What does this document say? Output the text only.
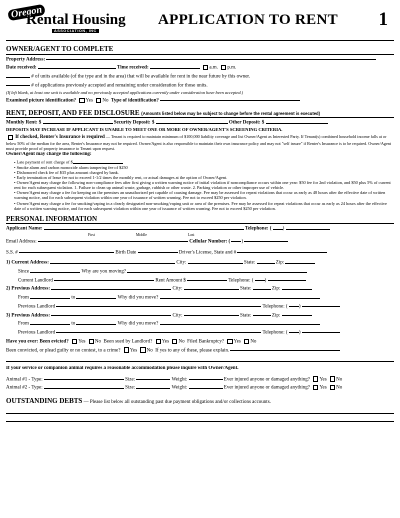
Oregon
Rental Housing
ASSOCIATION, INC
APPLICATION TO RENT 1
OWNER/AGENT TO COMPLETE
Property Address:
Date received:	Time received:	a.m. p.m.
# of units available (of the type and in the area) that will be available for rent in the near future by this owner.
# of applications previously accepted and remaining under consideration for those units.
(If left blank, at least one unit is available and no previously accepted applications currently under consideration have been accepted.)
Examined picture identification? Yes No Type of identification?
RENT, DEPOSIT, AND FEE DISCLOSURE (Amounts listed below may be subject to change before the rental agreement is executed)
Monthly Rent: $	Security Deposit: $	Other Deposit: $
DEPOSITS MAY INCREASE IF APPLICANT IS UNABLE TO MEET ONE OR MORE OF OWNER/AGENT'S SCREENING CRITERIA.
If checked, Renter's Insurance is required — Tenant is required to maintain minimum of $100,000 liability coverage and list Owner/Agent as Interested Party. If Tenant(s) combined household income falls at or below 50% of the median for the area, Renter's Insurance may not be required. Owner/Agent is also responsible to maintain their own insurance policy and may not "self insure" if Renter's Insurance is to be required. Owner/Agent must provide proof of property insurance to Tenant upon request.
Owner/Agent may charge the following:
• Late payment of rent charge of $
• Smoke alarm and carbon monoxide alarm tampering fee of $250
• Dishonored check fee of $35 plus amount charged by bank.
• Early termination of lease fee not to exceed 1-1/2 times the monthly rent, or actual damages at the option of Owner/Agent.
• Owner/Agent may charge the following non-compliance fees after first giving a written warning notice of initial violation if noncompliance occurs within one year: $50 fee for 2nd violation, and $50 plus 5% of current rent for each subsequent violation. 1. Failure to clean up animal waste, garbage, rubbish or other waste. 2. Parking violation or other improper use of vehicle.
• Owner/Agent may charge a fee for keeping on the premises an unauthorized pet capable of causing damage. Fee may be assessed for repeat violations that occur as early as 48 hours after the effective date of written warning notice, and for each subsequent violation within one year of issuance of written warning. Fee not to exceed $250 per violation.
• Owner/Agent may charge a fee for smoking/vaping in a clearly designated non-smoking/vaping unit or area of the premises. Fee may be assessed for repeat violations that occur as early as 24 hours after the effective date of a written warning notice, and for each subsequent violation within one year of issuance of written warning. Fee not to exceed $250 per violation.
PERSONAL INFORMATION
Applicant Name:	Telephone: ( )
First	Middle	Last
Email Address:	Cellular Number: ( )
S.S. #	Birth Date	Driver's License, State and #
1) Current Address:	City:	State:	Zip:
Since	Why are you moving?
Current Landlord	Rent Amount $	Telephone: ( )
2) Previous Address:	City:	State:	Zip:
From	to	Why did you move?
Previous Landlord	Telephone: ( )
3) Previous Address:	City:	State:	Zip:
From	to	Why did you move?
Previous Landlord	Telephone: ( )
Have you ever: Been evicted? Yes No Been sued by Landlord? Yes No Filed Bankruptcy? Yes No
Been convicted, or plead guilty or no contest, to a crime? Yes No If yes to any of these, please explain.
If your service or companion animal requires a reasonable accommodation please inquire with Owner/Agent.
Animal #1 - Type:	Size:	Weight:	Ever injured anyone or damaged anything? Yes No
Animal #2 - Type:	Size:	Weight:	Ever injured anyone or damaged anything? Yes No
OUTSTANDING DEBTS — Please list below all outstanding past due payment obligations and/or collections accounts.
